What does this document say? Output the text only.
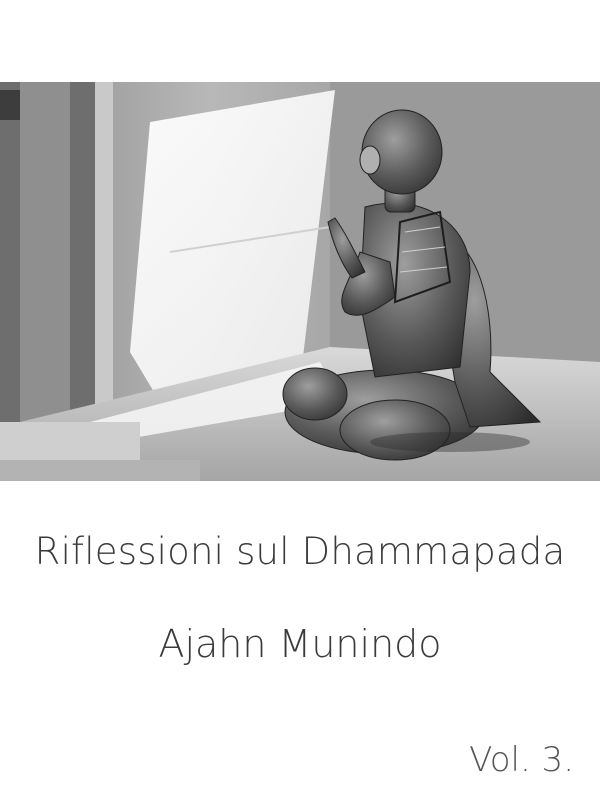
Riflessioni sul Dhammapada
Ajahn Munindo
Vol. 3.
